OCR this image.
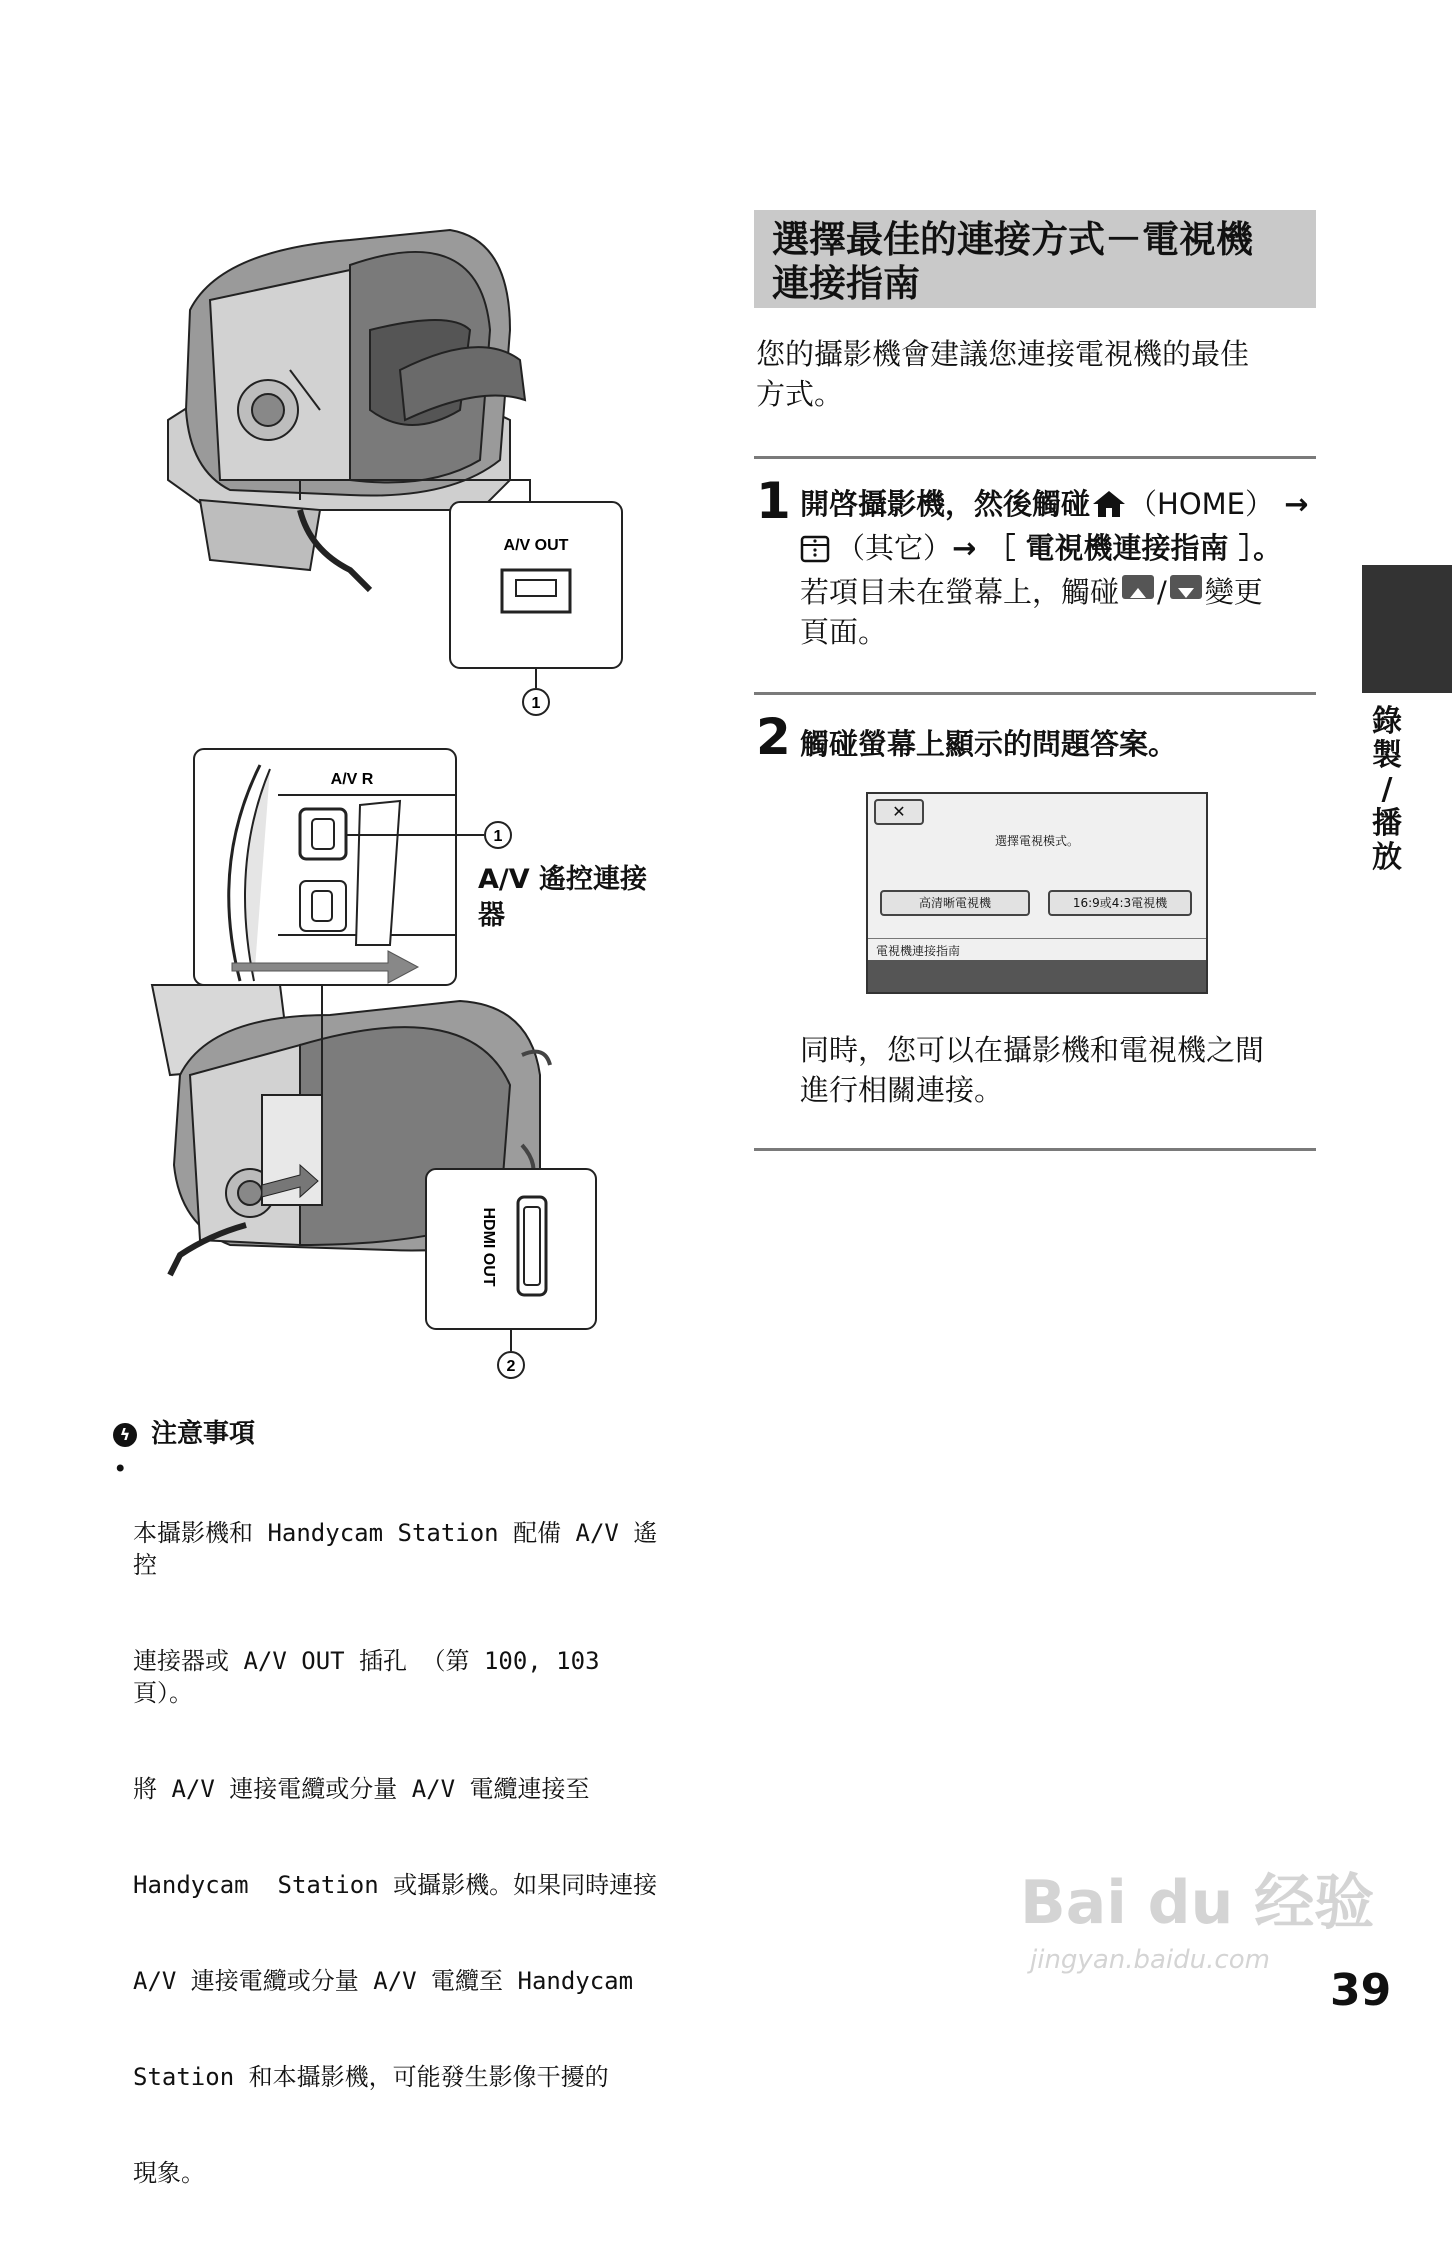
A/V OUT
1
A/V R
1
HDMI OUT
2
A/V 遙控連接
器
ϟ 注意事項
•

本攝影機和 Handycam Station 配備 A/V 遙控

連接器或 A/V OUT 插孔 （第 100, 103 頁）。

將 A/V 連接電纜或分量 A/V 電纜連接至

Handycam  Station 或攝影機。如果同時連接

A/V 連接電纜或分量 A/V 電纜至 Handycam

Station 和本攝影機，可能發生影像干擾的

現象。

選擇最佳的連接方式－電視機
連接指南
您的攝影機會建議您連接電視機的最佳
方式。
1 開啓攝影機，然後觸碰 （HOME） →
（其它）→ ［ 電視機連接指南 ］。
若項目未在螢幕上，觸碰 / 變更
頁面。
2 觸碰螢幕上顯示的問題答案。
✕
選擇電視模式。
高清晰電視機	16:9或4:3電視機
電視機連接指南
同時，您可以在攝影機和電視機之間
進行相關連接。
錄
製
/
播
放
Bai du 经验
jingyan.baidu.com
39
